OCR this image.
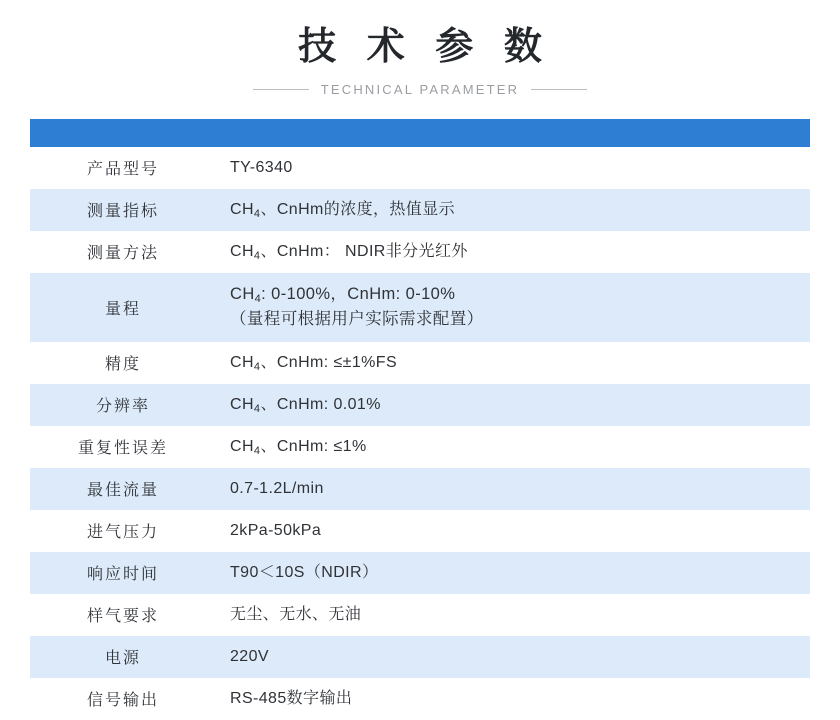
技 术 参 数
TECHNICAL PARAMETER

产品型号	TY-6340
测量指标	$CH_4$、CnHm的浓度，热值显示
测量方法	$CH_4$、CnHm： NDIR非分光红外
量程	$CH_4$: 0-100%，CnHm: 0-10%
（量程可根据用户实际需求配置）

精度	$CH_4$、CnHm: ≤±1%FS
分辨率	$CH_4$、CnHm: 0.01%
重复性误差	$CH_4$、CnHm: ≤1%
最佳流量	0.7-1.2L/min
进气压力	2kPa-50kPa
响应时间	T90＜10S（NDIR）
样气要求	无尘、无水、无油
电源	220V
信号输出	RS-485数字输出
